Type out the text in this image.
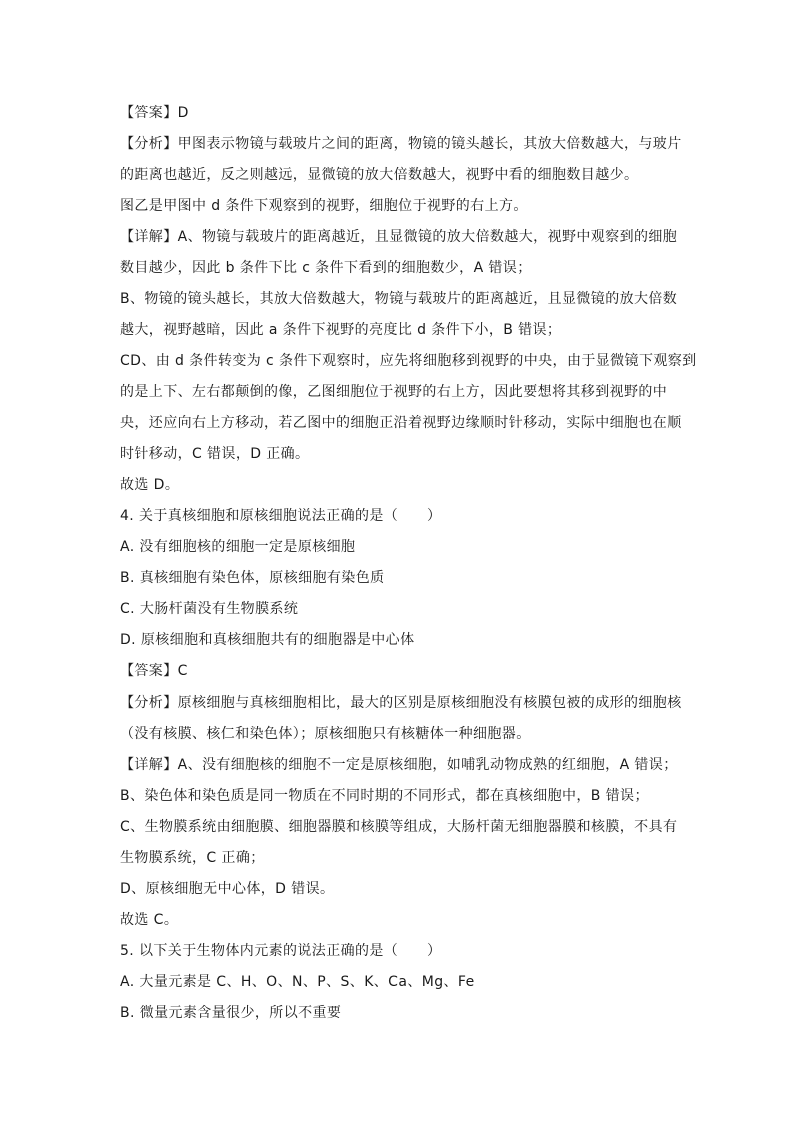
【答案】D
【分析】甲图表示物镜与载玻片之间的距离，物镜的镜头越长，其放大倍数越大，与玻片
的距离也越近，反之则越远，显微镜的放大倍数越大，视野中看的细胞数目越少。
图乙是甲图中 d 条件下观察到的视野，细胞位于视野的右上方。
【详解】A、物镜与载玻片的距离越近，且显微镜的放大倍数越大，视野中观察到的细胞
数目越少，因此 b 条件下比 c 条件下看到的细胞数少，A 错误；
B、物镜的镜头越长，其放大倍数越大，物镜与载玻片的距离越近，且显微镜的放大倍数
越大，视野越暗，因此 a 条件下视野的亮度比 d 条件下小，B 错误；
CD、由 d 条件转变为 c 条件下观察时，应先将细胞移到视野的中央，由于显微镜下观察到
的是上下、左右都颠倒的像，乙图细胞位于视野的右上方，因此要想将其移到视野的中
央，还应向右上方移动，若乙图中的细胞正沿着视野边缘顺时针移动，实际中细胞也在顺
时针移动，C 错误，D 正确。
故选 D。
4. 关于真核细胞和原核细胞说法正确的是（　　）
A. 没有细胞核的细胞一定是原核细胞
B. 真核细胞有染色体，原核细胞有染色质
C. 大肠杆菌没有生物膜系统
D. 原核细胞和真核细胞共有的细胞器是中心体
【答案】C
【分析】原核细胞与真核细胞相比，最大的区别是原核细胞没有核膜包被的成形的细胞核
（没有核膜、核仁和染色体）；原核细胞只有核糖体一种细胞器。
【详解】A、没有细胞核的细胞不一定是原核细胞，如哺乳动物成熟的红细胞，A 错误；
B、染色体和染色质是同一物质在不同时期的不同形式，都在真核细胞中，B 错误；
C、生物膜系统由细胞膜、细胞器膜和核膜等组成，大肠杆菌无细胞器膜和核膜，不具有
生物膜系统，C 正确；
D、原核细胞无中心体，D 错误。
故选 C。
5. 以下关于生物体内元素的说法正确的是（　　）
A. 大量元素是 C、H、O、N、P、S、K、Ca、Mg、Fe
B. 微量元素含量很少，所以不重要
